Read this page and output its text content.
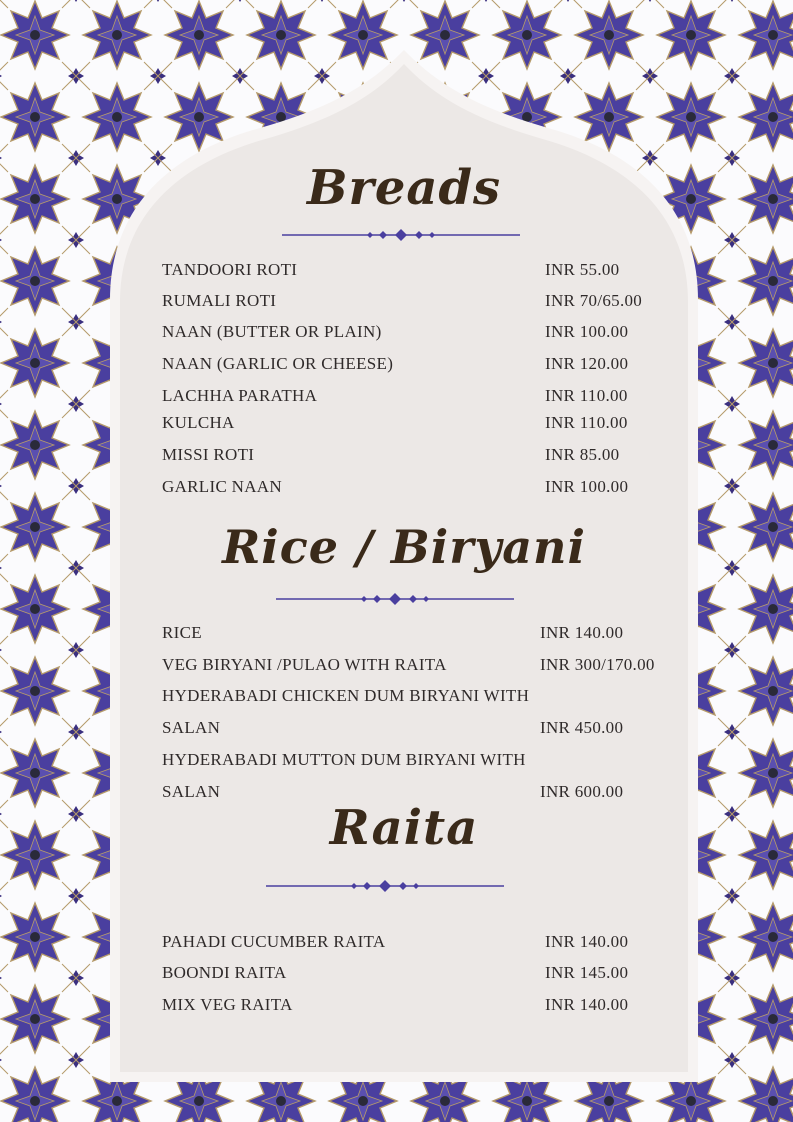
Breads
TANDOORI ROTI	INR 55.00
RUMALI ROTI	INR 70/65.00
NAAN (BUTTER OR PLAIN)	INR 100.00
NAAN (GARLIC OR CHEESE)	INR 120.00
LACHHA PARATHA	INR 110.00
KULCHA	INR 110.00
MISSI ROTI	INR 85.00
GARLIC NAAN	INR 100.00
Rice / Biryani
RICE	INR 140.00
VEG BIRYANI /PULAO WITH RAITA	INR 300/170.00
HYDERABADI CHICKEN DUM BIRYANI WITH
SALAN	INR 450.00
HYDERABADI MUTTON DUM BIRYANI WITH
SALAN	INR 600.00
Raita
PAHADI CUCUMBER RAITA	INR 140.00
BOONDI RAITA	INR 145.00
MIX VEG RAITA	INR 140.00
